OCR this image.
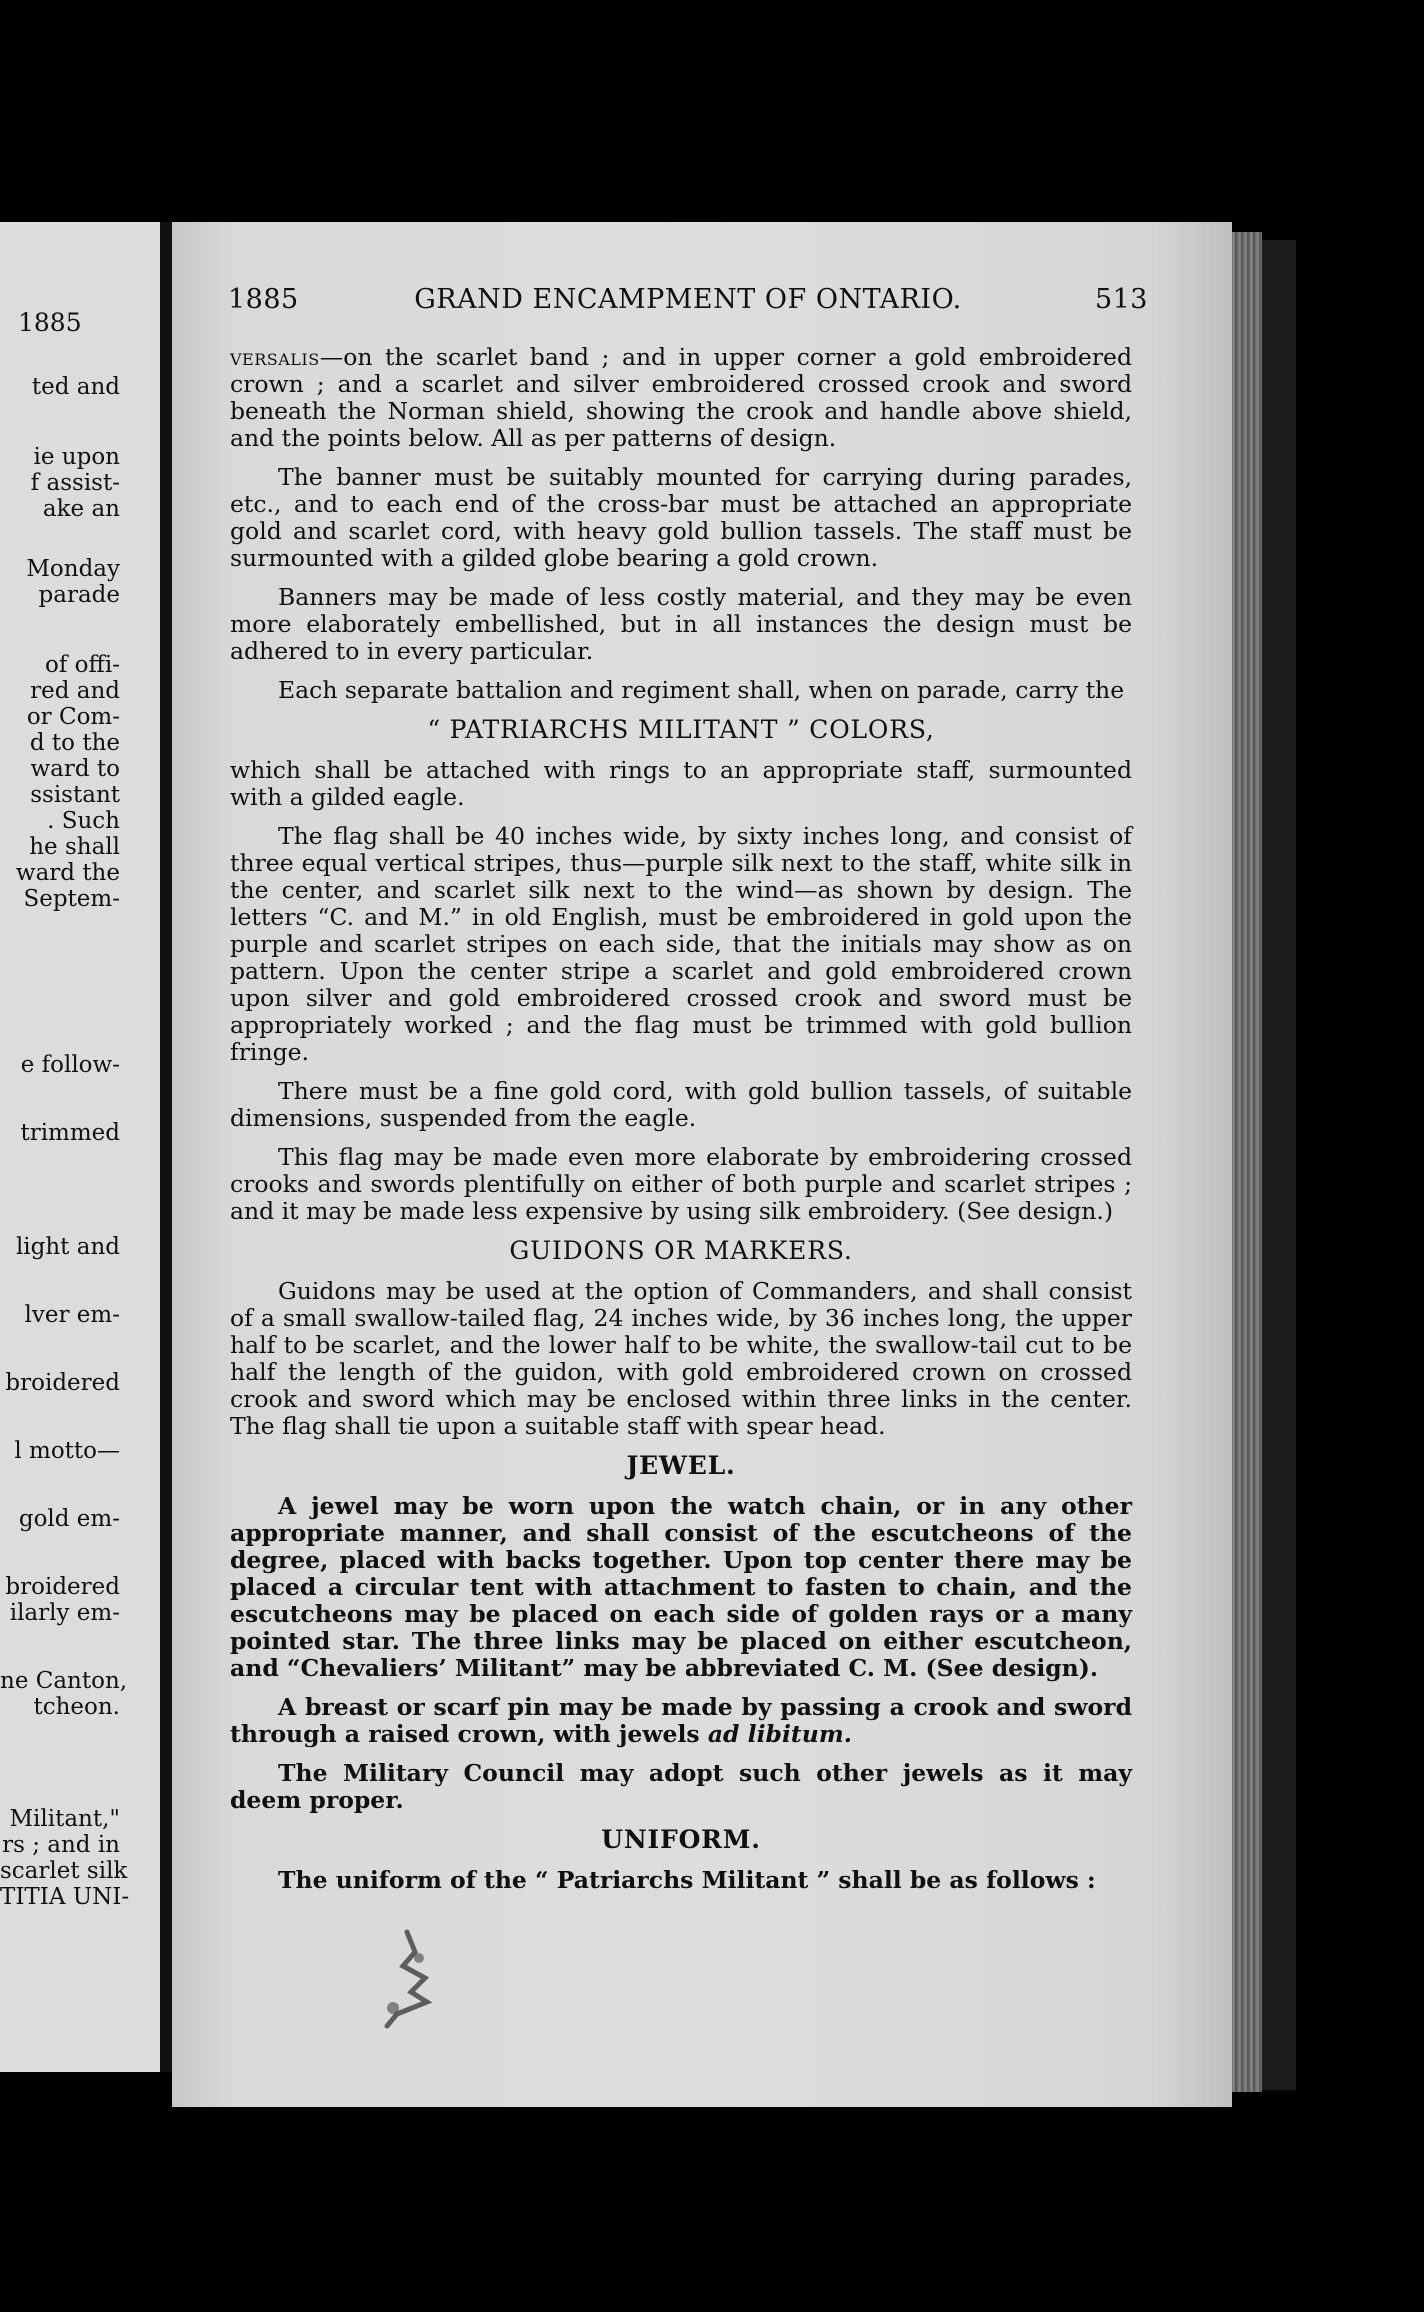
1885
ted and
ie upon
f assist-
ake an
Monday
parade
of offi-
red and
or Com-
d to the
ward to
ssistant
. Such
he shall
ward the
Septem-
e follow-
trimmed
light and
lver em-
broidered
l motto—
gold em-
broidered
ilarly em-
ne Canton,
tcheon.
Militant,"
rs ; and in
scarlet silk
TITIA UNI-
1885	GRAND ENCAMPMENT OF ONTARIO.	513

versalis—on the scarlet band ; and in upper corner a gold embroidered crown ; and a scarlet and silver embroidered crossed crook and sword beneath the Norman shield, showing the crook and handle above shield, and the points below. All as per patterns of design.

The banner must be suitably mounted for carrying during parades, etc., and to each end of the cross-bar must be attached an appropriate gold and scarlet cord, with heavy gold bullion tassels. The staff must be surmounted with a gilded globe bearing a gold crown.

Banners may be made of less costly material, and they may be even more elaborately embellished, but in all instances the design must be adhered to in every particular.

Each separate battalion and regiment shall, when on parade, carry the

“ PATRIARCHS MILITANT ” COLORS,

which shall be attached with rings to an appropriate staff, surmounted with a gilded eagle.

The flag shall be 40 inches wide, by sixty inches long, and consist of three equal vertical stripes, thus—purple silk next to the staff, white silk in the center, and scarlet silk next to the wind—as shown by design. The letters “C. and M.” in old English, must be embroidered in gold upon the purple and scarlet stripes on each side, that the initials may show as on pattern. Upon the center stripe a scarlet and gold embroidered crown upon silver and gold embroidered crossed crook and sword must be appropriately worked ; and the flag must be trimmed with gold bullion fringe.

There must be a fine gold cord, with gold bullion tassels, of suitable dimensions, suspended from the eagle.

This flag may be made even more elaborate by embroidering crossed crooks and swords plentifully on either of both purple and scarlet stripes ; and it may be made less expensive by using silk embroidery. (See design.)

GUIDONS OR MARKERS.

Guidons may be used at the option of Commanders, and shall consist of a small swallow-tailed flag, 24 inches wide, by 36 inches long, the upper half to be scarlet, and the lower half to be white, the swallow-tail cut to be half the length of the guidon, with gold embroidered crown on crossed crook and sword which may be enclosed within three links in the center. The flag shall tie upon a suitable staff with spear head.

JEWEL.

A jewel may be worn upon the watch chain, or in any other appropriate manner, and shall consist of the escutcheons of the degree, placed with backs together. Upon top center there may be placed a circular tent with attachment to fasten to chain, and the escutcheons may be placed on each side of golden rays or a many pointed star. The three links may be placed on either escutcheon, and “Chevaliers’ Militant” may be abbreviated C. M. (See design).

A breast or scarf pin may be made by passing a crook and sword through a raised crown, with jewels ad libitum.

The Military Council may adopt such other jewels as it may deem proper.

UNIFORM.

The uniform of the “ Patriarchs Militant ” shall be as follows :
